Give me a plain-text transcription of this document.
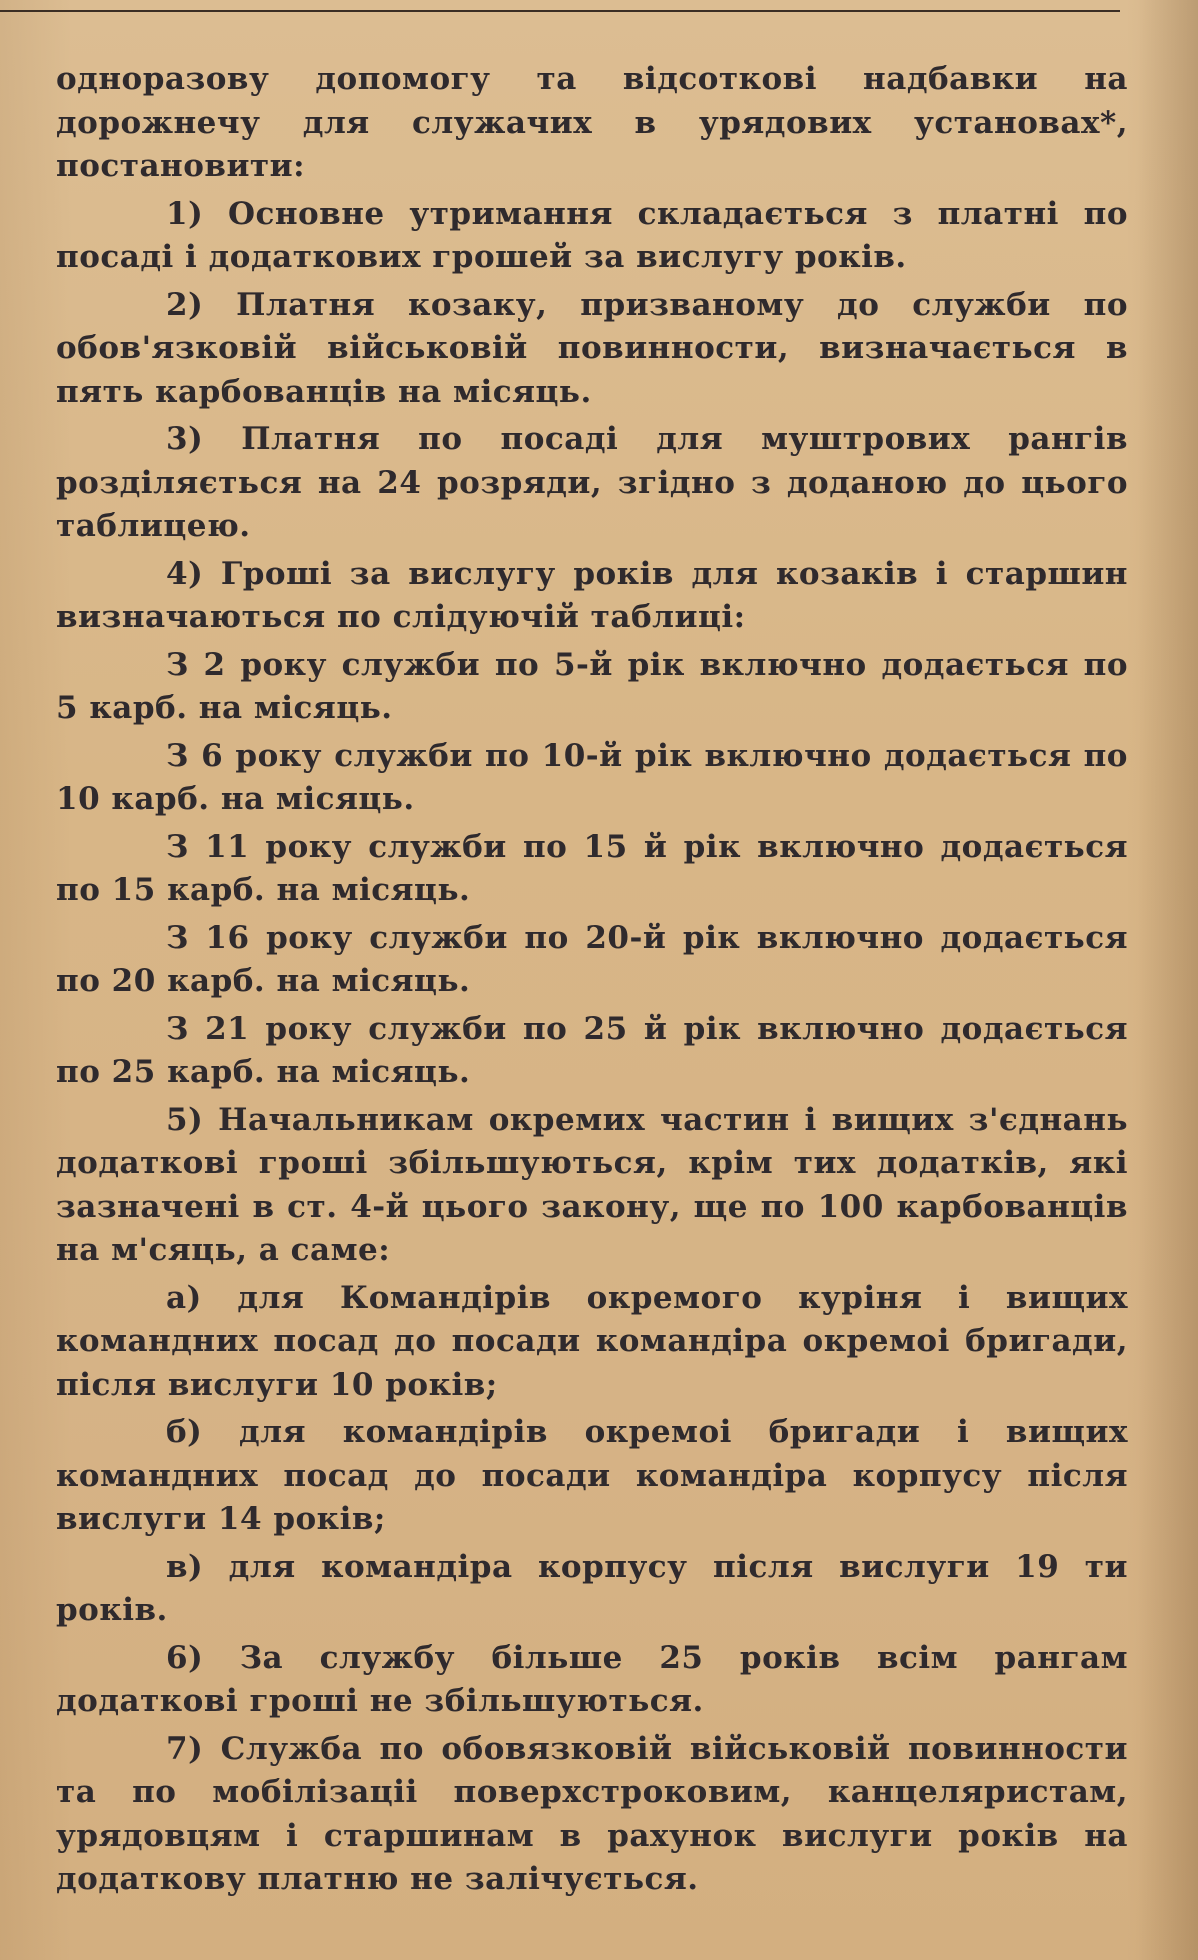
одноразову допомогу та відсоткові надбавки на дорожнечу для служачих в урядових установах*, постановити:

1) Основне утримання складається з платні по посаді і додаткових грошей за вислугу років.

2) Платня козаку, призваному до служби по обов'язковій військовій повинности, визначається в пять карбованців на місяць.

3) Платня по посаді для муштрових рангів розділяється на 24 розряди, згідно з доданою до цього таблицею.

4) Гроші за вислугу років для козаків і старшин визначаються по слідуючій таблиці:

З 2 року служби по 5-й рік включно додається по 5 карб. на місяць.

З 6 року служби по 10-й рік включно додається по 10 карб. на місяць.

З 11 року служби по 15 й рік включно додається по 15 карб. на місяць.

З 16 року служби по 20-й рік включно додається по 20 карб. на місяць.

З 21 року служби по 25 й рік включно додається по 25 карб. на місяць.

5) Начальникам окремих частин і вищих з'єднань додаткові гроші збільшуються, крім тих додатків, які зазначені в ст. 4-й цього закону, ще по 100 карбованців на м'сяць, а саме:

а) для Командірів окремого куріня і вищих командних посад до посади командіра окремоі бригади, після вислуги 10 років;

б) для командірів окремоі бригади і вищих командних посад до посади командіра корпусу після вислуги 14 років;

в) для командіра корпусу після вислуги 19 ти років.

6) За службу більше 25 років всім рангам додаткові гроші не збільшуються.

7) Служба по обовязковій військовій повинности та по мобілізаціі поверхстроковим, канцеляристам, урядовцям і старшинам в рахунок вислуги років на додаткову платню не залічується.
